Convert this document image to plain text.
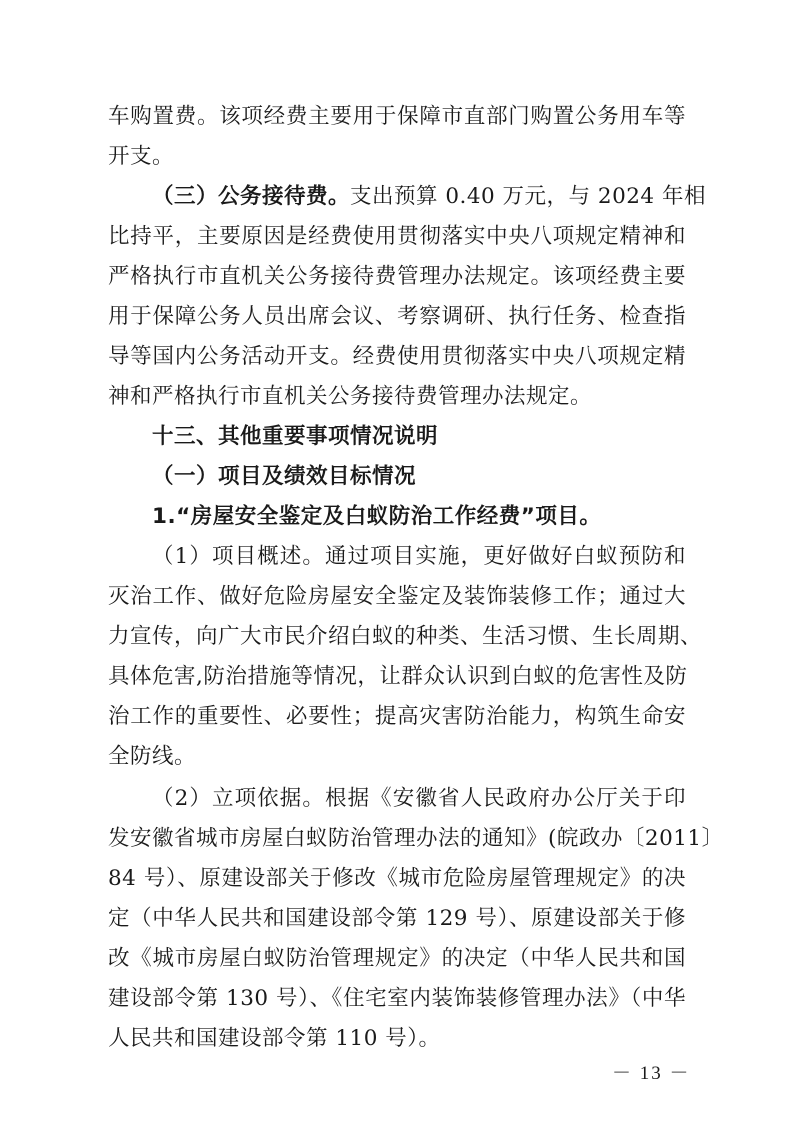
车购置费。该项经费主要用于保障市直部门购置公务用车等
开支。
（三）公务接待费。支出预算 0.40 万元，与 2024 年相
比持平，主要原因是经费使用贯彻落实中央八项规定精神和
严格执行市直机关公务接待费管理办法规定。该项经费主要
用于保障公务人员出席会议、考察调研、执行任务、检查指
导等国内公务活动开支。经费使用贯彻落实中央八项规定精
神和严格执行市直机关公务接待费管理办法规定。
十三、其他重要事项情况说明
（一）项目及绩效目标情况
1.“房屋安全鉴定及白蚁防治工作经费”项目。
（1）项目概述。通过项目实施，更好做好白蚁预防和
灭治工作、做好危险房屋安全鉴定及装饰装修工作；通过大
力宣传，向广大市民介绍白蚁的种类、生活习惯、生长周期、
具体危害,防治措施等情况，让群众认识到白蚁的危害性及防
治工作的重要性、必要性；提高灾害防治能力，构筑生命安
全防线。
（2）立项依据。根据《安徽省人民政府办公厅关于印
发安徽省城市房屋白蚁防治管理办法的通知》(皖政办〔2011〕
84 号）、原建设部关于修改《城市危险房屋管理规定》的决
定（中华人民共和国建设部令第 129 号）、原建设部关于修
改《城市房屋白蚁防治管理规定》的决定（中华人民共和国
建设部令第 130 号）、《住宅室内装饰装修管理办法》（中华
人民共和国建设部令第 110 号）。
－ 13 －
